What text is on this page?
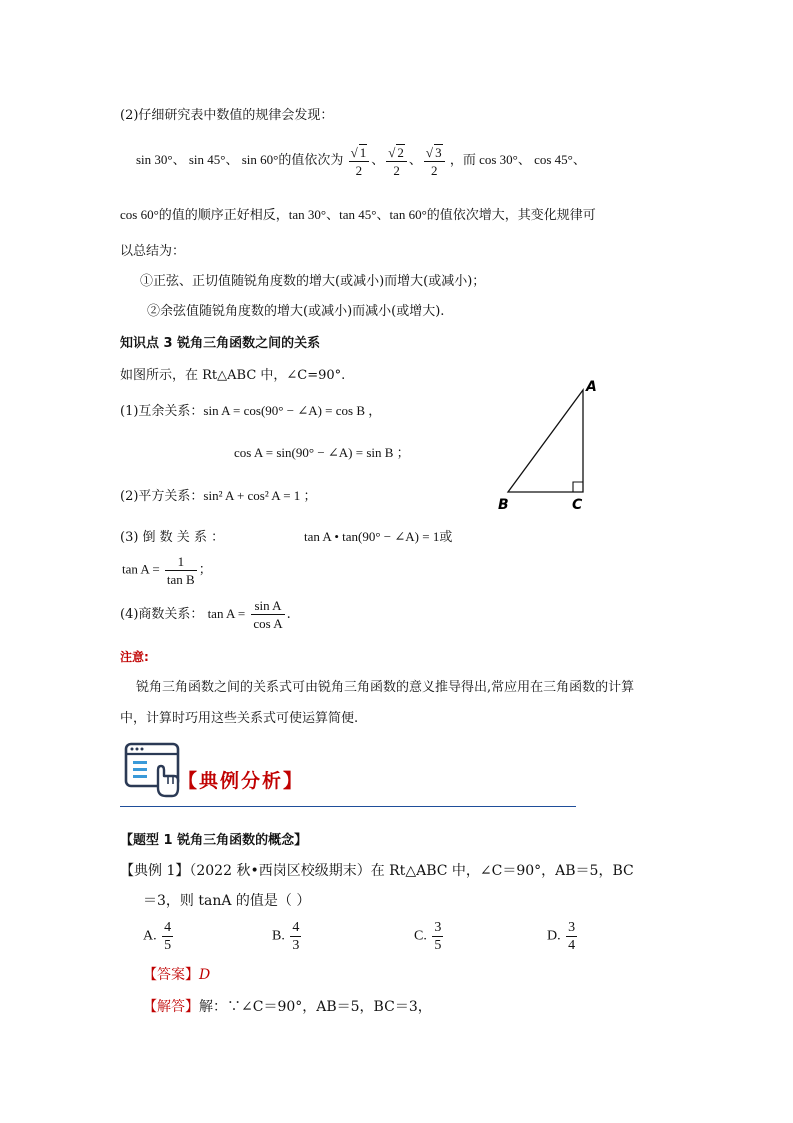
(2)仔细研究表中数值的规律会发现：
sin 30°、 sin 45°、 sin 60°的值依次为 $\frac{√ 1}{2}$ 、 $\frac{√ 2}{2}$ 、 $\frac{√ 3}{2}$ ，而 cos 30°、 cos 45°、
cos 60°的值的顺序正好相反，tan 30°、tan 45°、tan 60°的值依次增大，其变化规律可
以总结为：
①正弦、正切值随锐角度数的增大(或减小)而增大(或减小)；
②余弦值随锐角度数的增大(或减小)而减小(或增大).
知识点 3 锐角三角函数之间的关系
如图所示，在 Rt△ABC 中，∠C=90°.
(1)互余关系：sin A = cos(90° − ∠A) = cos B ，
cos A = sin(90° − ∠A) = sin B ；
(2)平方关系：sin² A + cos² A = 1 ；
(3) 倒 数 关 系 ：	tan A • tan(90° − ∠A) = 1或
$\tan A = \frac{1}{\text{tan B}}$ ；
(4)商数关系： $\tan A = \frac{\text{sin A}}{\text{cos A}}$ .
注意:
锐角三角函数之间的关系式可由锐角三角函数的意义推导得出,常应用在三角函数的计算
中，计算时巧用这些关系式可使运算简便.
A
B	C
【典例分析】
【题型 1 锐角三角函数的概念】
【典例 1】（2022 秋•西岗区校级期末）在 Rt△ABC 中，∠C＝90°，AB＝5，BC
＝3，则 tanA 的值是（ ）
A. $\frac{4}{5}$	B. $\frac{4}{3}$	C. $\frac{3}{5}$	D. $\frac{3}{4}$
【答案】D
【解答】解：∵∠C＝90°，AB＝5，BC＝3，
